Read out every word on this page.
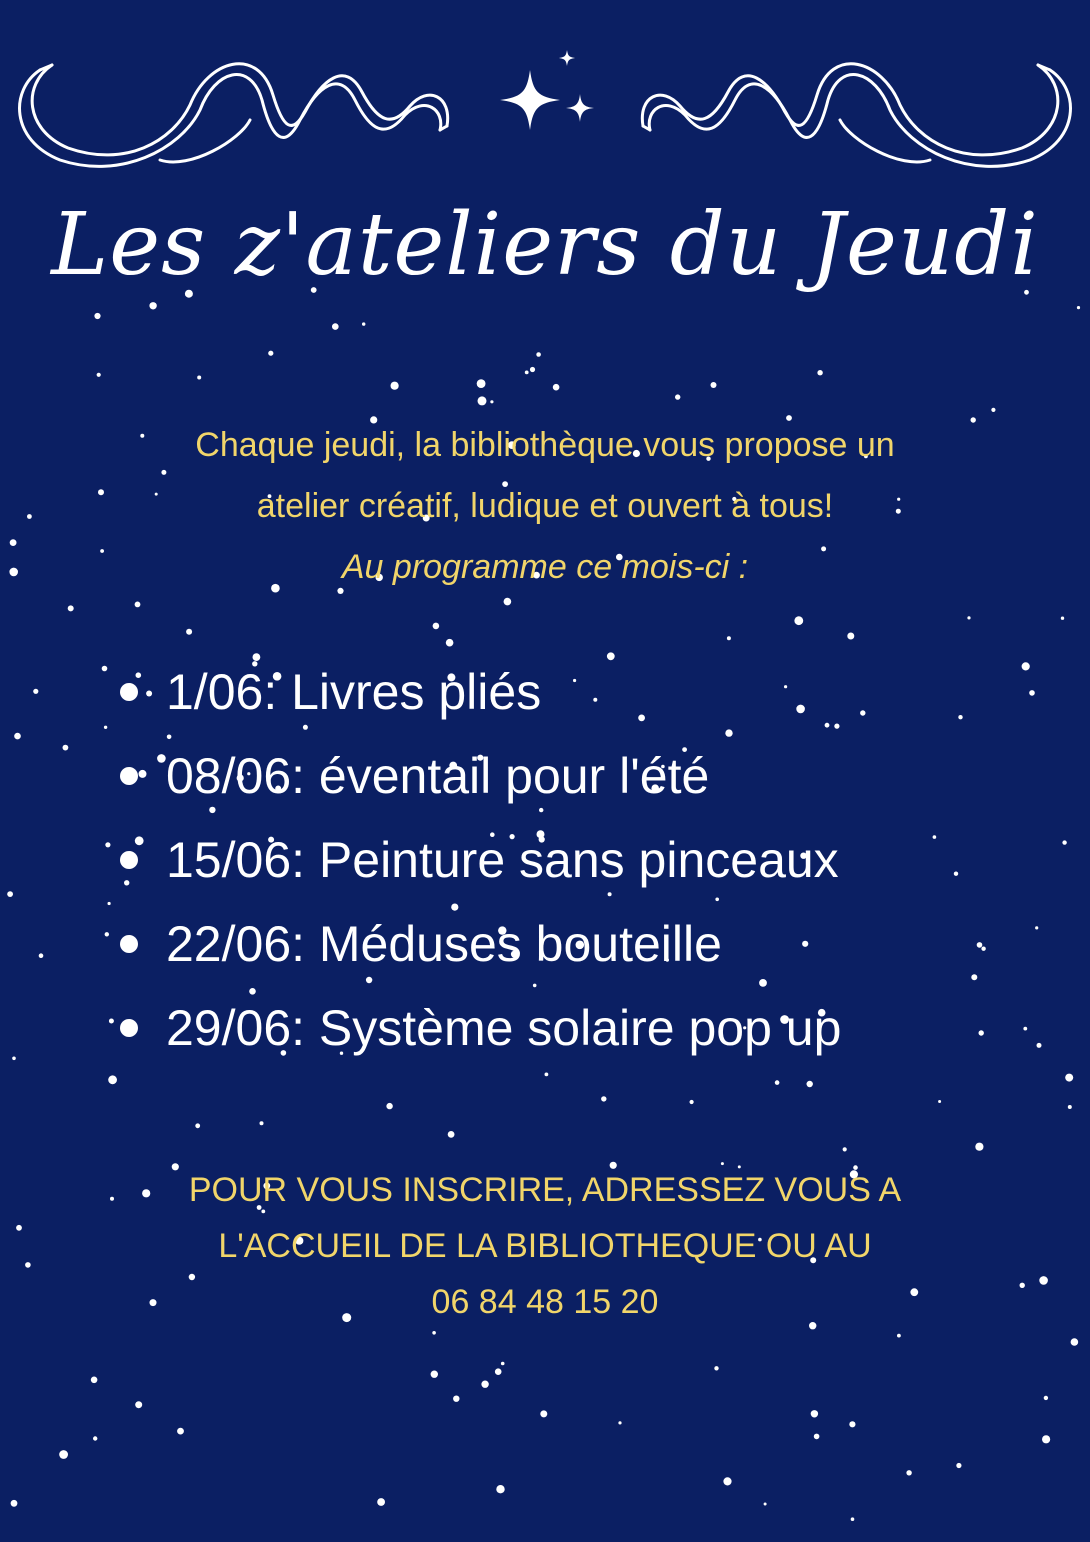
Les z'ateliers du Jeudi
Chaque jeudi, la bibliothèque vous propose un
atelier créatif, ludique et ouvert à tous!
Au programme ce mois-ci :
1/06 : Livres pliés
08/06 : éventail pour l'été
15/06 : Peinture sans pinceaux
22/06 : Méduses bouteille
29/06 : Système solaire pop up
POUR VOUS INSCRIRE, ADRESSEZ VOUS A
L'ACCUEIL DE LA BIBLIOTHEQUE OU AU
06 84 48 15 20
